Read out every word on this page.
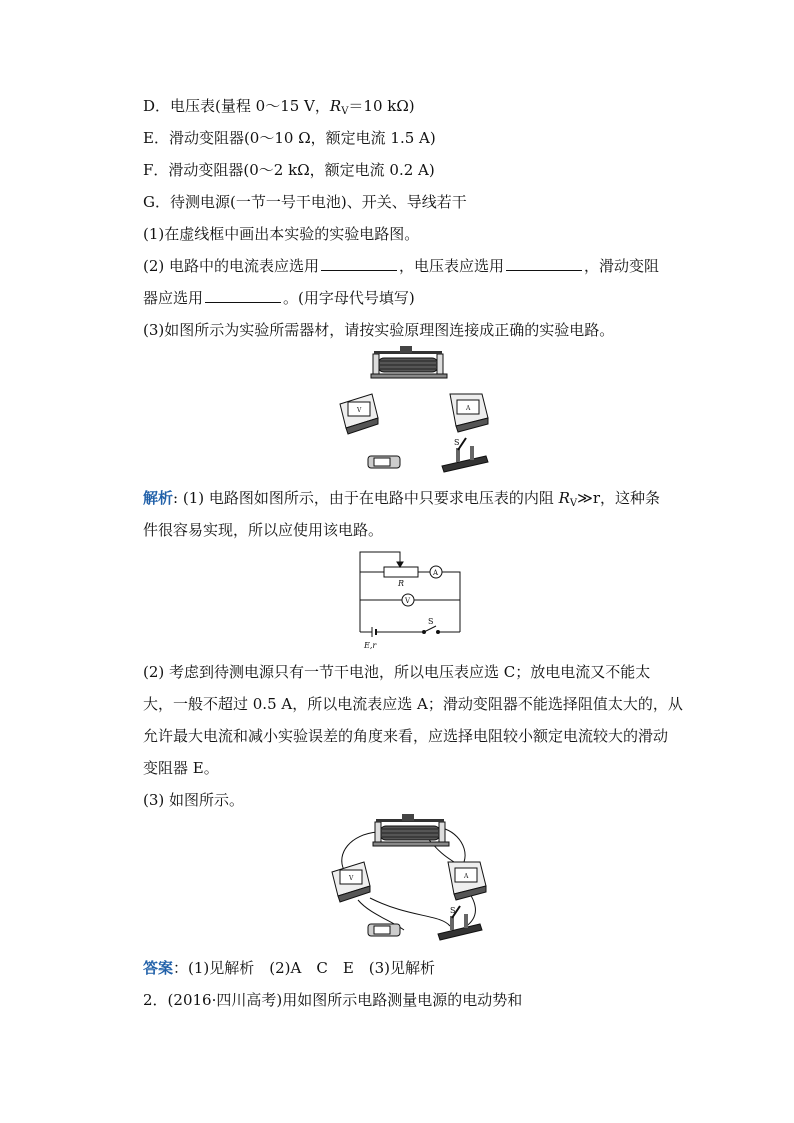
D．电压表(量程 0～15 V，$R_V=10$ kΩ)
E．滑动变阻器(0～10 Ω，额定电流 1.5 A)
F．滑动变阻器(0～2 kΩ，额定电流 0.2 A)
G．待测电源(一节一号干电池)、开关、导线若干
(1)在虚线框中画出本实验的实验电路图。
(2) 电路中的电流表应选用	，电压表应选用	，滑动变阻
器应选用	。(用字母代号填写)
(3)如图所示为实验所需器材，请按实验原理图连接成正确的实验电路。
V	A
S
解析: (1) 电路图如图所示，由于在电路中只要求电压表的内阻 $R_V≫r$，这种条
件很容易实现，所以应使用该电路。
R
A
V
E,r
S
(2) 考虑到待测电源只有一节干电池，所以电压表应选 C；放电电流又不能太
大，一般不超过 0.5 A，所以电流表应选 A；滑动变阻器不能选择阻值太大的，从
允许最大电流和减小实验误差的角度来看，应选择电阻较小额定电流较大的滑动
变阻器 E。
(3) 如图所示。
V	A
S
答案：(1)见解析　(2)A　C　E　(3)见解析
2．(2016·四川高考)用如图所示电路测量电源的电动势和
